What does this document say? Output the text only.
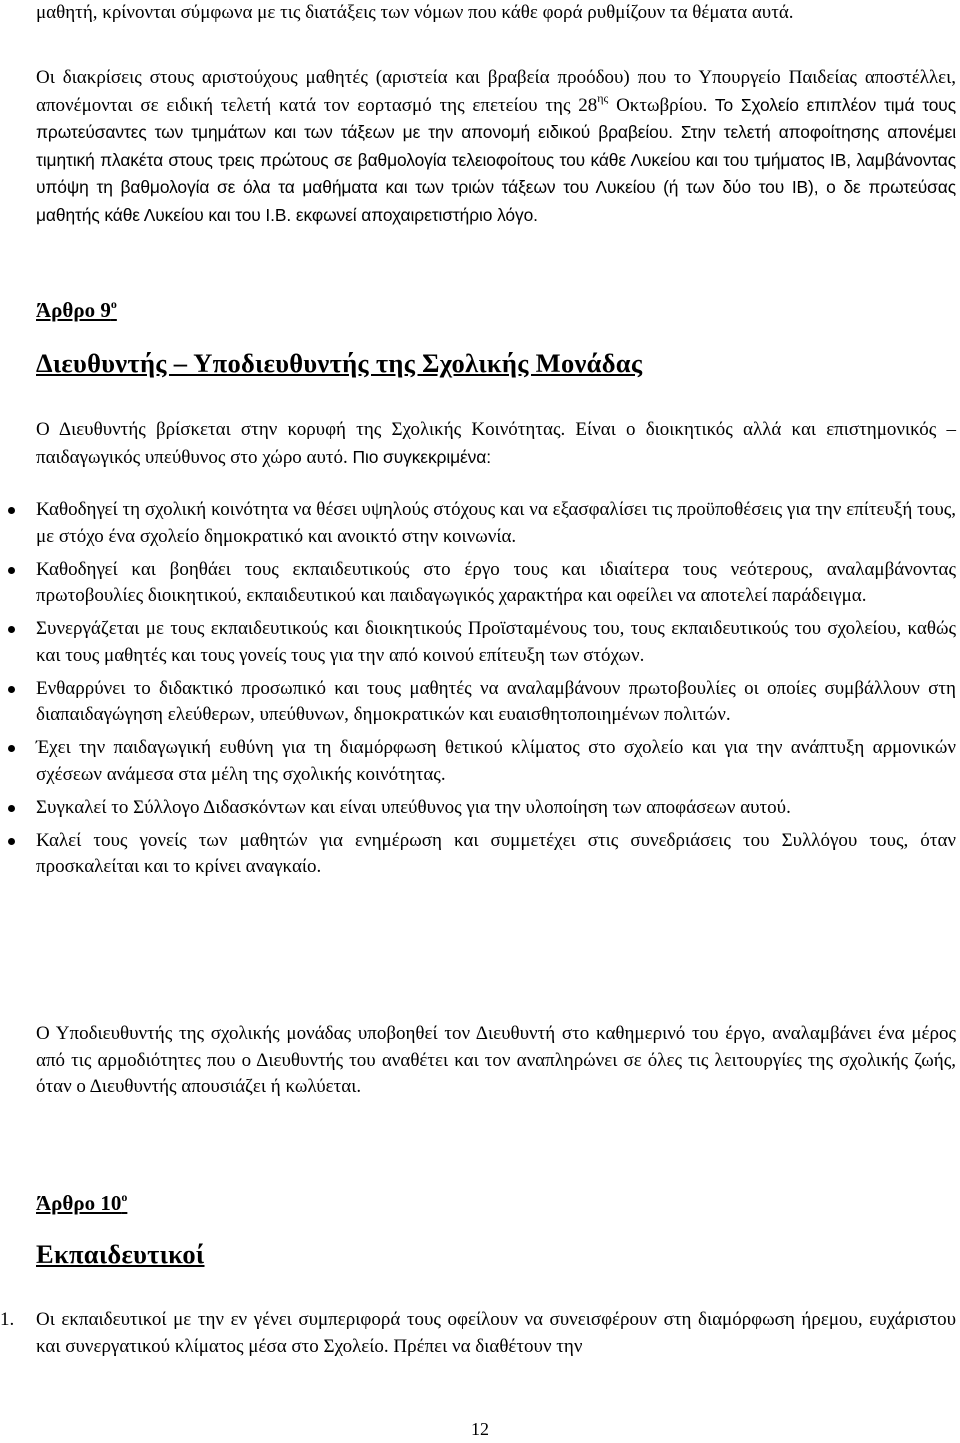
μαθητή, κρίνονται σύμφωνα με τις διατάξεις των νόμων που κάθε φορά ρυθμίζουν τα θέματα αυτά.

Οι διακρίσεις στους αριστούχους μαθητές (αριστεία και βραβεία προόδου) που το Υπουργείο Παιδείας αποστέλλει, απονέμονται σε ειδική τελετή κατά τον εορτασμό της επετείου της $28^{\eta\varsigma}$ Οκτωβρίου. Το Σχολείο επιπλέον τιμά τους πρωτεύσαντες των τμημάτων και των τάξεων με την απονομή ειδικού βραβείου. Στην τελετή αποφοίτησης απονέμει τιμητική πλακέτα στους τρεις πρώτους σε βαθμολογία τελειοφοίτους του κάθε Λυκείου και του τμήματος IB, λαμβάνοντας υπόψη τη βαθμολογία σε όλα τα μαθήματα και των τριών τάξεων του Λυκείου (ή των δύο του IB), ο δε πρωτεύσας μαθητής κάθε Λυκείου και του Ι.Β. εκφωνεί αποχαιρετιστήριο λόγο.

Άρθρο $9^o$
Διευθυντής – Υποδιευθυντής της Σχολικής Μονάδας

Ο Διευθυντής βρίσκεται στην κορυφή της Σχολικής Κοινότητας. Είναι ο διοικητικός αλλά και επιστημονικός – παιδαγωγικός υπεύθυνος στο χώρο αυτό. Πιο συγκεκριμένα:

Καθοδηγεί τη σχολική κοινότητα να θέσει υψηλούς στόχους και να εξασφαλίσει τις προϋποθέσεις για την επίτευξή τους, με στόχο ένα σχολείο δημοκρατικό και ανοικτό στην κοινωνία.
Καθοδηγεί και βοηθάει τους εκπαιδευτικούς στο έργο τους και ιδιαίτερα τους νεότερους, αναλαμβάνοντας πρωτοβουλίες διοικητικού, εκπαιδευτικού και παιδαγωγικός χαρακτήρα και οφείλει να αποτελεί παράδειγμα.
Συνεργάζεται με τους εκπαιδευτικούς και διοικητικούς Προϊσταμένους του, τους εκπαιδευτικούς του σχολείου, καθώς και τους μαθητές και τους γονείς τους για την από κοινού επίτευξη των στόχων.
Ενθαρρύνει το διδακτικό προσωπικό και τους μαθητές να αναλαμβάνουν πρωτοβουλίες οι οποίες συμβάλλουν στη διαπαιδαγώγηση ελεύθερων, υπεύθυνων, δημοκρατικών και ευαισθητοποιημένων πολιτών.
Έχει την παιδαγωγική ευθύνη για τη διαμόρφωση θετικού κλίματος στο σχολείο και για την ανάπτυξη αρμονικών σχέσεων ανάμεσα στα μέλη της σχολικής κοινότητας.
Συγκαλεί το Σύλλογο Διδασκόντων και είναι υπεύθυνος για την υλοποίηση των αποφάσεων αυτού.
Καλεί τους γονείς των μαθητών για ενημέρωση και συμμετέχει στις συνεδριάσεις του Συλλόγου τους, όταν προσκαλείται και το κρίνει αναγκαίο.

Ο Υποδιευθυντής της σχολικής μονάδας υποβοηθεί τον Διευθυντή στο καθημερινό του έργο, αναλαμβάνει ένα μέρος από τις αρμοδιότητες που ο Διευθυντής του αναθέτει και τον αναπληρώνει σε όλες τις λειτουργίες της σχολικής ζωής, όταν ο Διευθυντής απουσιάζει ή κωλύεται.

Άρθρο $10^o$
Εκπαιδευτικοί
1. Οι εκπαιδευτικοί με την εν γένει συμπεριφορά τους οφείλουν να συνεισφέρουν στη διαμόρφωση ήρεμου, ευχάριστου και συνεργατικού κλίματος μέσα στο Σχολείο. Πρέπει να διαθέτουν την
12
